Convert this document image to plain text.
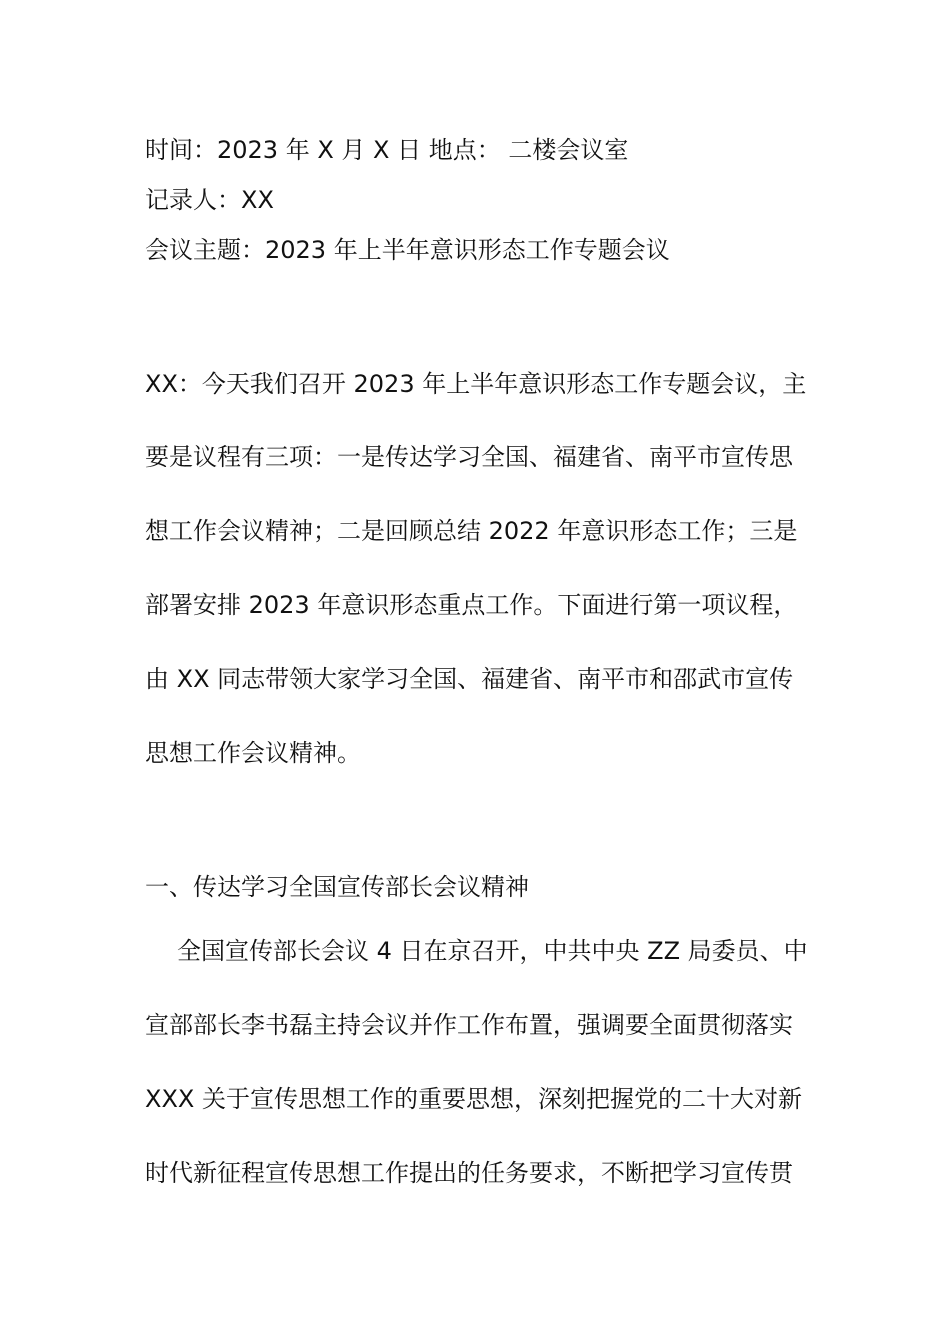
时间：2023 年 X 月 X 日 地点： 二楼会议室
记录人：XX
会议主题：2023 年上半年意识形态工作专题会议
XX：今天我们召开 2023 年上半年意识形态工作专题会议，主
要是议程有三项：一是传达学习全国、福建省、南平市宣传思
想工作会议精神；二是回顾总结 2022 年意识形态工作；三是
部署安排 2023 年意识形态重点工作。下面进行第一项议程，
由 XX 同志带领大家学习全国、福建省、南平市和邵武市宣传
思想工作会议精神。
一、传达学习全国宣传部长会议精神
全国宣传部长会议 4 日在京召开，中共中央 ZZ 局委员、中
宣部部长李书磊主持会议并作工作布置，强调要全面贯彻落实
XXX 关于宣传思想工作的重要思想，深刻把握党的二十大对新
时代新征程宣传思想工作提出的任务要求，不断把学习宣传贯
